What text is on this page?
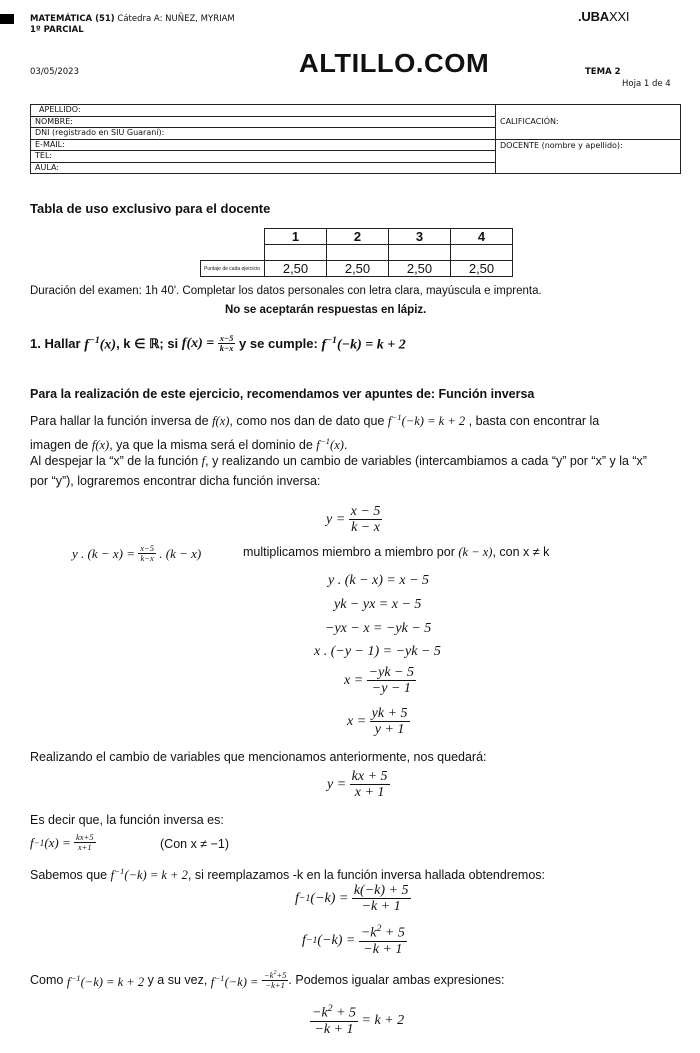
MATEMÁTICA (51) Cátedra A: NUÑEZ, MYRIAM
1º PARCIAL
.UBAXXI
03/05/2023	ALTILLO.COM	TEMA 2
Hoja 1 de 4
APELLIDO:	CALIFICACIÓN:
NOMBRE:	
DNI (registrado en SIU Guaraní):	
E-MAIL:	DOCENTE (nombre y apellido):
TEL:	
AULA:	
Tabla de uso exclusivo para el docente
	1	2	3	4

Puntaje de cada ejercicio	2,50	2,50	2,50	2,50
Duración del examen: 1h 40'. Completar los datos personales con letra clara, mayúscula e imprenta.
No se aceptarán respuestas en lápiz.
1.
Hallar
$f^{-1}(x)$ , k ∈ ℝ; si
$f(x) = \frac{x-5}{k-x}$
y se cumple:
$f^{-1}(-k) = k + 2$
Para la realización de este ejercicio, recomendamos ver apuntes de: Función inversa
Para hallar la función inversa de f(x), como nos dan de dato que $f^{-1}(-k) = k + 2$ , basta con encontrar la
imagen de f(x), ya que la misma será el dominio de $f^{-1}(x)$.
Al despejar la “x” de la función f, y realizando un cambio de variables (intercambiamos a cada “y” por “x” y la “x”
por “y”), lograremos encontrar dicha función inversa:
$y = \frac{x - 5}{k - x}$
y . $(k - x) = \frac{x-5}{k-x}$ . (k − x)	multiplicamos miembro a miembro por (k − x), con x ≠ k
y . (k − x) = x − 5
yk − yx = x − 5
−yx − x = −yk − 5
x . (−y − 1) = −yk − 5
$x = \frac{-yk - 5}{-y - 1}$
$x = \frac{yk + 5}{y + 1}$
Realizando el cambio de variables que mencionamos anteriormente, nos quedará:
$y = \frac{kx + 5}{x + 1}$
Es decir que, la función inversa es:
f −1 $(x) = \frac{kx+5}{x+1}$	(Con x ≠ −1)
Sabemos que $f^{-1}(-k) = k + 2$, si reemplazamos -k en la función inversa hallada obtendremos:
f −1 $(-k) = \frac{k(-k) + 5}{-k + 1}$
f −1 $(-k) = \frac{-k^2 + 5}{-k + 1}$
Como
$f^{-1}(-k) = k + 2$
y a su vez,
$f^{-1}(-k)$ =
$\frac{-k^2+5}{-k+1}$ . Podemos igualar ambas expresiones:
$\frac{-k^2 + 5}{-k + 1} = k + 2$
